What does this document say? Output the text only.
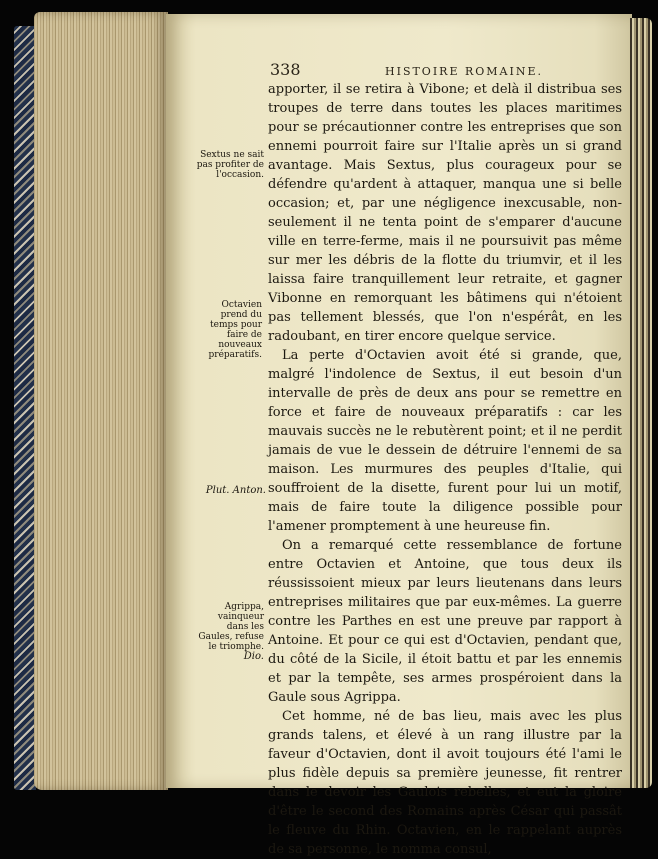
338	HISTOIRE ROMAINE.
Sextus ne sait pas profiter de l'occasion.
Octavien prend du temps pour faire de nouveaux préparatifs.
Plut. Anton.
Agrippa, vainqueur dans les Gaules, refuse le triomphe.
Dio.

apporter, il se retira à Vibone; et delà il distribua ses troupes de terre dans toutes les places maritimes pour se précautionner contre les entreprises que son ennemi pourroit faire sur l'Italie après un si grand avantage. Mais Sextus, plus courageux pour se défendre qu'ardent à attaquer, manqua une si belle occasion; et, par une négligence inexcusable, non-seulement il ne tenta point de s'emparer d'aucune ville en terre-ferme, mais il ne poursuivit pas même sur mer les débris de la flotte du triumvir, et il les laissa faire tranquillement leur retraite, et gagner Vibonne en remorquant les bâtimens qui n'étoient pas tellement blessés, que l'on n'espérât, en les radoubant, en tirer encore quelque service.

La perte d'Octavien avoit été si grande, que, malgré l'indolence de Sextus, il eut besoin d'un intervalle de près de deux ans pour se remettre en force et faire de nouveaux préparatifs : car les mauvais succès ne le rebutèrent point; et il ne perdit jamais de vue le dessein de détruire l'ennemi de sa maison. Les murmures des peuples d'Italie, qui souffroient de la disette, furent pour lui un motif, mais de faire toute la diligence possible pour l'amener promptement à une heureuse fin.

On a remarqué cette ressemblance de fortune entre Octavien et Antoine, que tous deux ils réussissoient mieux par leurs lieutenans dans leurs entreprises militaires que par eux-mêmes. La guerre contre les Parthes en est une preuve par rapport à Antoine. Et pour ce qui est d'Octavien, pendant que, du côté de la Sicile, il étoit battu et par les ennemis et par la tempête, ses armes prospéroient dans la Gaule sous Agrippa.

Cet homme, né de bas lieu, mais avec les plus grands talens, et élevé à un rang illustre par la faveur d'Octavien, dont il avoit toujours été l'ami le plus fidèle depuis sa première jeunesse, fit rentrer dans le devoir les Gaulois rebelles, et eut la gloire d'être le second des Romains après César qui passât le fleuve du Rhin. Octavien, en le rappelant auprès de sa personne, le nomma consul,
